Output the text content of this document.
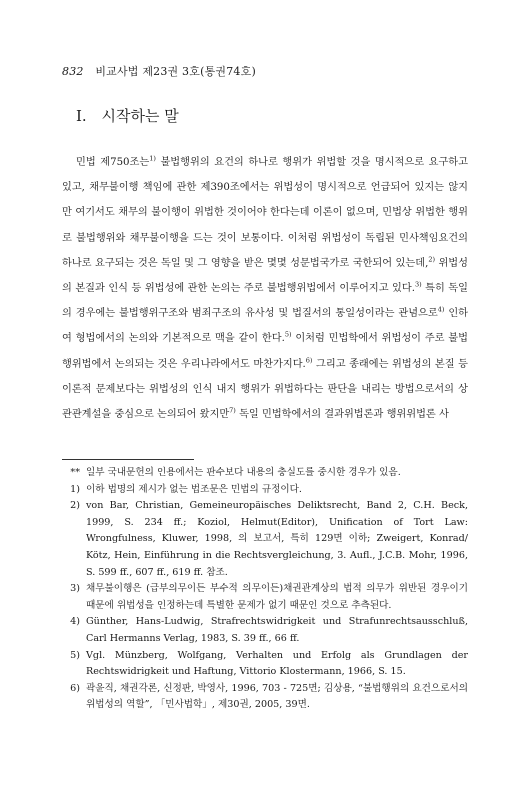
832 비교사법 제23권 3호(통권74호)
I. 시작하는 말

민법 제750조는$^{1)}$ 불법행위의 요건의 하나로 행위가 위법할 것을 명시적으로 요구하고 있고, 채무불이행 책임에 관한 제390조에서는 위법성이 명시적으로 언급되어 있지는 않지만 여기서도 채무의 불이행이 위법한 것이어야 한다는데 이론이 없으며, 민법상 위법한 행위로 불법행위와 채무불이행을 드는 것이 보통이다. 이처럼 위법성이 독립된 민사책임요건의 하나로 요구되는 것은 독일 및 그 영향을 받은 몇몇 성문법국가로 국한되어 있는데,$^{2)}$ 위법성의 본질과 인식 등 위법성에 관한 논의는 주로 불법행위법에서 이루어지고 있다.$^{3)}$ 특히 독일의 경우에는 불법행위구조와 범죄구조의 유사성 및 법질서의 통일성이라는 관념으로$^{4)}$ 인하여 형법에서의 논의와 기본적으로 맥을 같이 한다.$^{5)}$ 이처럼 민법학에서 위법성이 주로 불법행위법에서 논의되는 것은 우리나라에서도 마찬가지다.$^{6)}$ 그리고 종래에는 위법성의 본질 등 이론적 문제보다는 위법성의 인식 내지 행위가 위법하다는 판단을 내리는 방법으로서의 상관관계설을 중심으로 논의되어 왔지만$^{7)}$ 독일 민법학에서의 결과위법론과 행위위법론 사

** 일부 국내문헌의 인용에서는 판수보다 내용의 충실도를 중시한 경우가 있음.
1) 이하 법명의 제시가 없는 법조문은 민법의 규정이다.
2) von Bar, Christian, Gemeineuropäisches Deliktsrecht, Band 2, C.H. Beck, 1999, S. 234 ff.; Koziol, Helmut(Editor), Unification of Tort Law: Wrongfulness, Kluwer, 1998, 의 보고서, 특히 129면 이하; Zweigert, Konrad/ Kötz, Hein, Einführung in die Rechtsvergleichung, 3. Aufl., J.C.B. Mohr, 1996, S. 599 ff., 607 ff., 619 ff. 참조.
3) 채무불이행은 (급부의무이든 부수적 의무이든)채권관계상의 법적 의무가 위반된 경우이기 때문에 위법성을 인정하는데 특별한 문제가 없기 때문인 것으로 추측된다.
4) Günther, Hans-Ludwig, Strafrechtswidrigkeit und Strafunrechtsausschluß, Carl Hermanns Verlag, 1983, S. 39 ff., 66 ff.
5) Vgl. Münzberg, Wolfgang, Verhalten und Erfolg als Grundlagen der Rechtswidrigkeit und Haftung, Vittorio Klostermann, 1966, S. 15.
6) 곽윤직, 채권각론, 신정판, 박영사, 1996, 703 - 725면; 김상용, “불법행위의 요건으로서의 위법성의 역할”, 「민사법학」, 제30권, 2005, 39면.
